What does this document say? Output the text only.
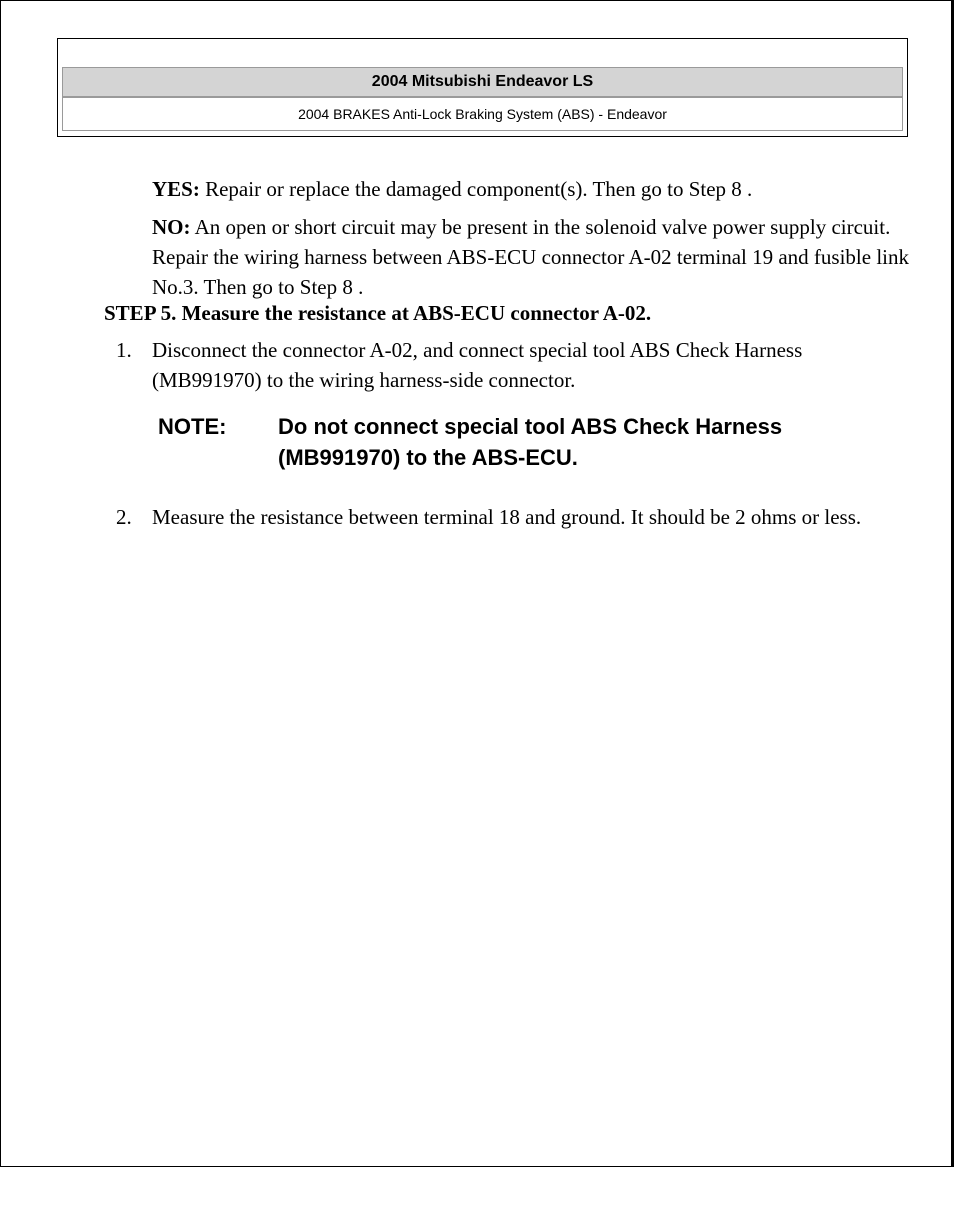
2004 Mitsubishi Endeavor LS
2004 BRAKES Anti-Lock Braking System (ABS) - Endeavor

YES: Repair or replace the damaged component(s). Then go to Step 8 .

NO: An open or short circuit may be present in the solenoid valve power supply circuit. Repair the wiring harness between ABS-ECU connector A-02 terminal 19 and fusible link No.3. Then go to Step 8 .

STEP 5. Measure the resistance at ABS-ECU connector A-02.

1. Disconnect the connector A-02, and connect special tool ABS Check Harness (MB991970) to the wiring harness-side connector.
NOTE: Do not connect special tool ABS Check Harness (MB991970) to the ABS-ECU.
2. Measure the resistance between terminal 18 and ground. It should be 2 ohms or less.
